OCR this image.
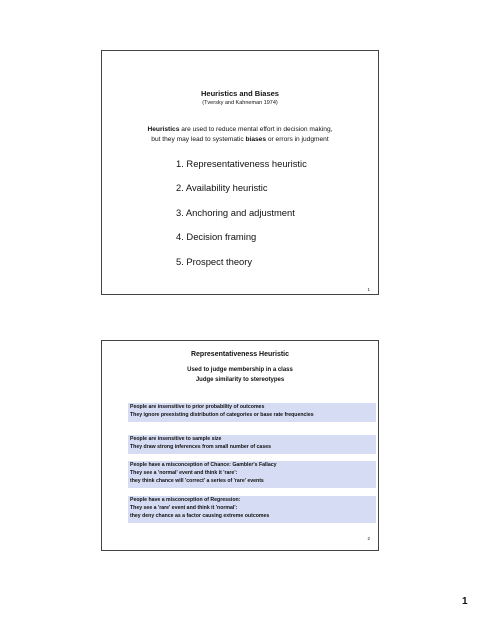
Heuristics and Biases
(Tversky and Kahneman 1974)
Heuristics are used to reduce mental effort in decision making,
but they may lead to systematic biases or errors in judgment
1. Representativeness heuristic
2. Availability heuristic
3. Anchoring and adjustment
4. Decision framing
5. Prospect theory
1
Representativeness Heuristic
Used to judge membership in a class
Judge similarity to stereotypes
People are insensitive to prior probability of outcomes
They ignore preexisting distribution of categories or base rate frequencies
People are insensitive to sample size
They draw strong inferences from small number of cases
People have a misconception of Chance: Gambler's Fallacy
They see a 'normal' event and think it 'rare':
they think chance will 'correct' a series of 'rare' events
People have a misconception of Regression:
They see a 'rare' event and think it 'normal':
they deny chance as a factor causing extreme outcomes
2
1
